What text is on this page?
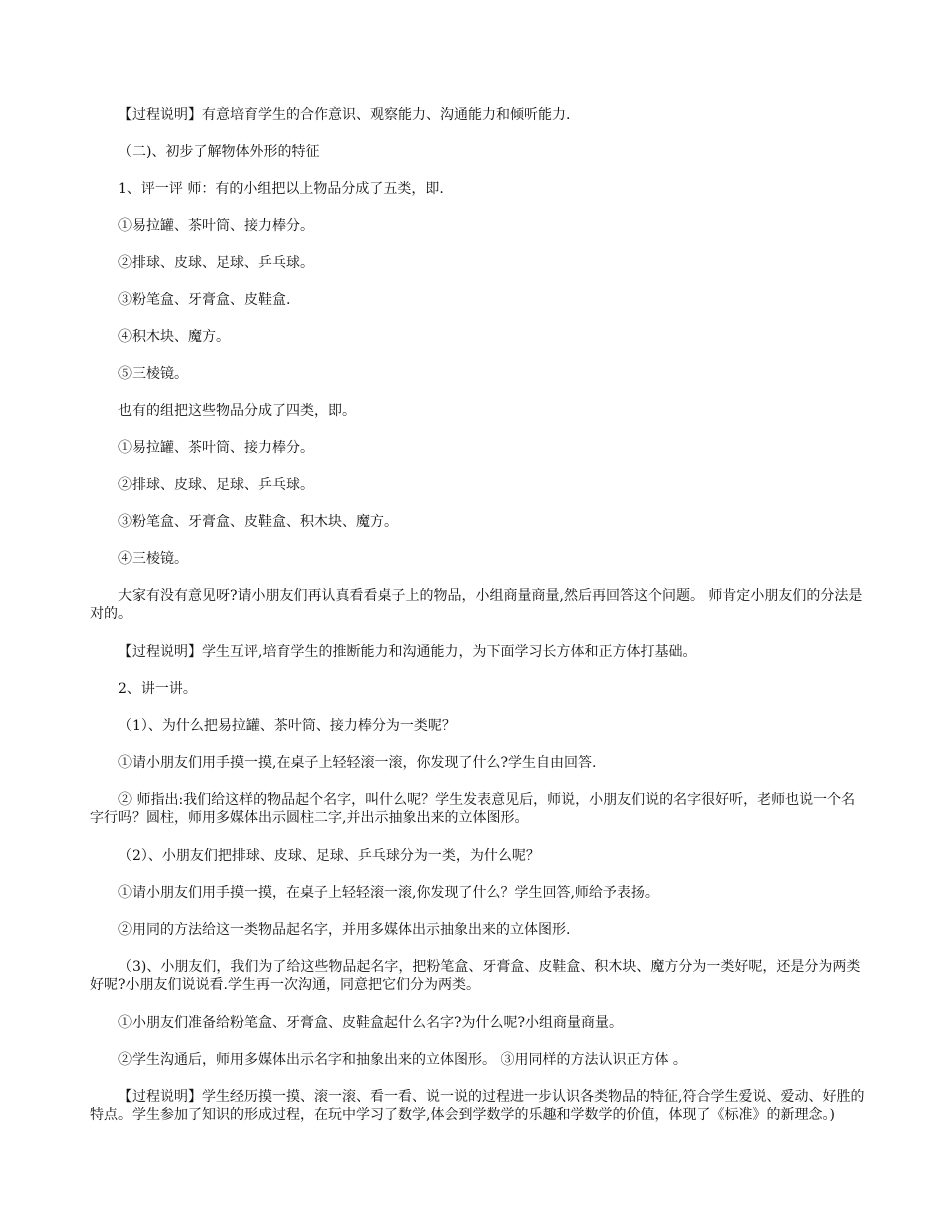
【过程说明】有意培育学生的合作意识、观察能力、沟通能力和倾听能力.

（二)、初步了解物体外形的特征

1、评一评 师：有的小组把以上物品分成了五类，即.

①易拉罐、茶叶筒、接力棒分。

②排球、皮球、足球、乒乓球。

③粉笔盒、牙膏盒、皮鞋盒.

④积木块、魔方。

⑤三棱镜。

也有的组把这些物品分成了四类，即。

①易拉罐、茶叶筒、接力棒分。

②排球、皮球、足球、乒乓球。

③粉笔盒、牙膏盒、皮鞋盒、积木块、魔方。

④三棱镜。

大家有没有意见呀?请小朋友们再认真看看桌子上的物品，小组商量商量,然后再回答这个问题。 师肯定小朋友们的分法是对的。

【过程说明】学生互评,培育学生的推断能力和沟通能力，为下面学习长方体和正方体打基础。

2、讲一讲。

（1）、为什么把易拉罐、茶叶筒、接力棒分为一类呢？

①请小朋友们用手摸一摸,在桌子上轻轻滚一滚，你发现了什么?学生自由回答.

② 师指出:我们给这样的物品起个名字，叫什么呢？学生发表意见后，师说，小朋友们说的名字很好听，老师也说一个名字行吗？圆柱，师用多媒体出示圆柱二字,并出示抽象出来的立体图形。

（2）、小朋友们把排球、皮球、足球、乒乓球分为一类，为什么呢？

①请小朋友们用手摸一摸，在桌子上轻轻滚一滚,你发现了什么？学生回答,师给予表扬。

②用同的方法给这一类物品起名字，并用多媒体出示抽象出来的立体图形.

（3)、小朋友们，我们为了给这些物品起名字，把粉笔盒、牙膏盒、皮鞋盒、积木块、魔方分为一类好呢，还是分为两类好呢?小朋友们说说看.学生再一次沟通，同意把它们分为两类。

①小朋友们准备给粉笔盒、牙膏盒、皮鞋盒起什么名字?为什么呢?小组商量商量。

②学生沟通后，师用多媒体出示名字和抽象出来的立体图形。 ③用同样的方法认识正方体 。

【过程说明】学生经历摸一摸、滚一滚、看一看、说一说的过程进一步认识各类物品的特征,符合学生爱说、爱动、好胜的特点。学生参加了知识的形成过程，在玩中学习了数学,体会到学数学的乐趣和学数学的价值，体现了《标准》的新理念。)
